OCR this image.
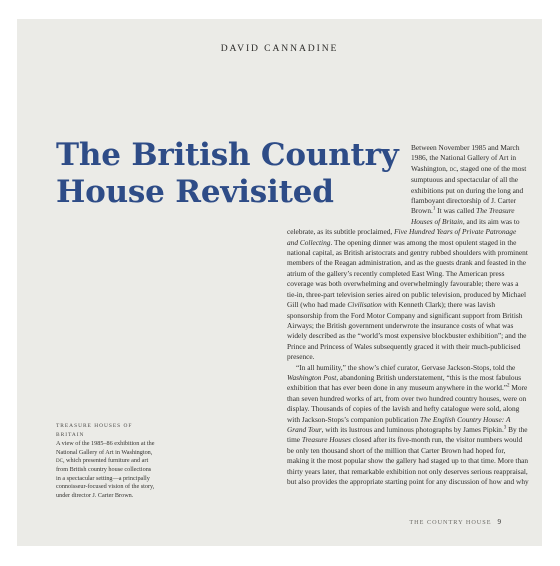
DAVID CANNADINE
The British Country
House Revisited

Between November 1985 and March 1986, the National Gallery of Art in Washington, dc, staged one of the most sumptuous and spectacular of all the exhibitions put on during the long and flamboyant directorship of J. Carter Brown.$^1$ It was called The Treasure Houses of Britain, and its aim was to celebrate, as its subtitle proclaimed, Five Hundred Years of Private Patronage and Collecting. The opening dinner was among the most opulent staged in the national capital, as British aristocrats and gentry rubbed shoulders with prominent members of the Reagan administration, and as the guests drank and feasted in the atrium of the gallery’s recently completed East Wing. The American press coverage was both overwhelming and overwhelmingly favourable; there was a tie-in, three-part television series aired on public television, produced by Michael Gill (who had made Civilisation with Kenneth Clark); there was lavish sponsorship from the Ford Motor Company and significant support from British Airways; the British government underwrote the insurance costs of what was widely described as the “world’s most expensive blockbuster exhibition”; and the Prince and Princess of Wales subsequently graced it with their much-publicised presence.

“In all humility,” the show’s chief curator, Gervase Jackson-Stops, told the Washington Post, abandoning British understatement, “this is the most fabulous exhibition that has ever been done in any museum anywhere in the world.”$^2$ More than seven hundred works of art, from over two hundred country houses, were on display. Thousands of copies of the lavish and hefty catalogue were sold, along with Jackson-Stops’s companion publication The English Country House: A Grand Tour, with its lustrous and luminous photographs by James Pipkin.$^3$ By the time Treasure Houses closed after its five-month run, the visitor numbers would be only ten thousand short of the million that Carter Brown had hoped for, making it the most popular show the gallery had staged up to that time. More than thirty years later, that remarkable exhibition not only deserves serious reappraisal, but also provides the appropriate starting point for any discussion of how and why

TREASURE HOUSES OF BRITAIN
A view of the 1985–86 exhibition at the National Gallery of Art in Washington, dc, which presented furniture and art from British country house collections in a spectacular setting—a principally connoisseur-focused vision of the story, under director J. Carter Brown.
THE COUNTRY HOUSE 9
